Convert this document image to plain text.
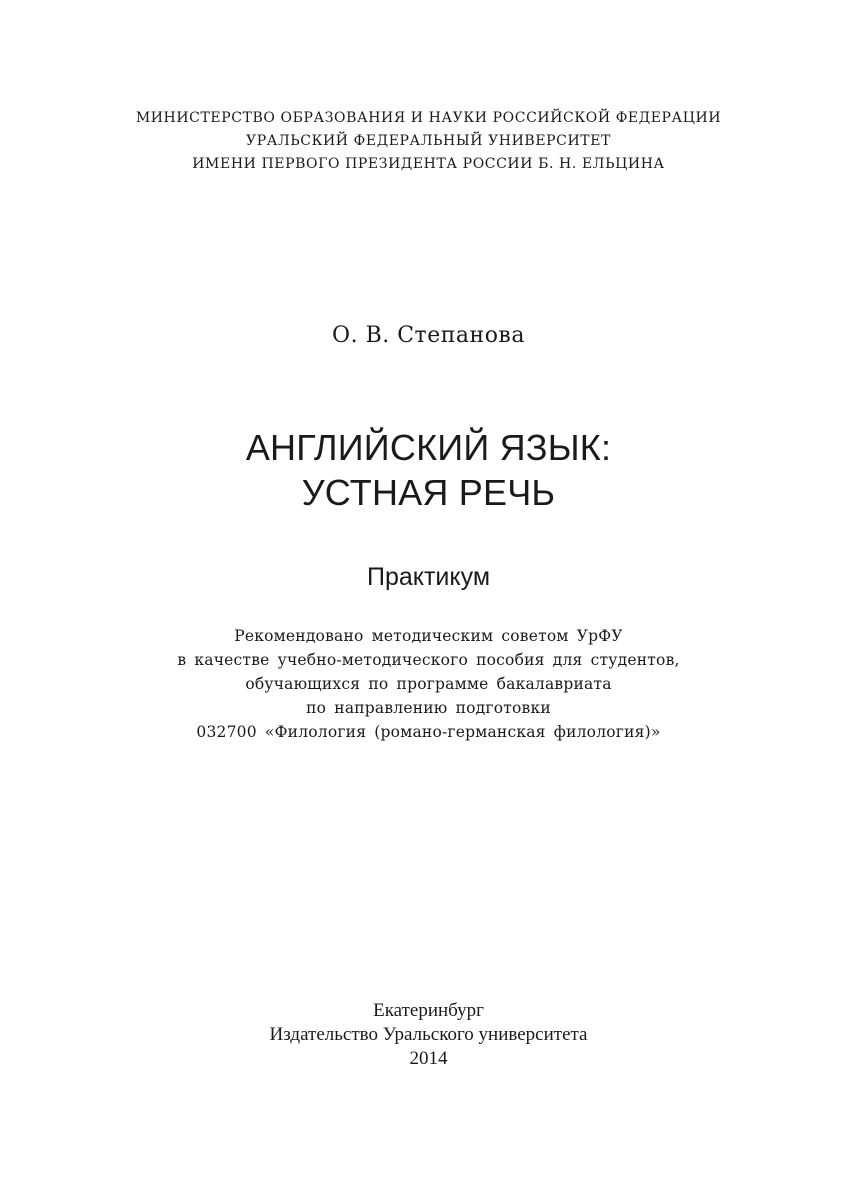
МИНИСТЕРСТВО ОБРАЗОВАНИЯ И НАУКИ РОССИЙСКОЙ ФЕДЕРАЦИИ
УРАЛЬСКИЙ ФЕДЕРАЛЬНЫЙ УНИВЕРСИТЕТ
ИМЕНИ ПЕРВОГО ПРЕЗИДЕНТА РОССИИ Б. Н. ЕЛЬЦИНА
О. В. Степанова
АНГЛИЙСКИЙ ЯЗЫК:
УСТНАЯ РЕЧЬ
Практикум
Рекомендовано методическим советом УрФУ
в качестве учебно-методического пособия для студентов,
обучающихся по программе бакалавриата
по направлению подготовки
032700 «Филология (романо-германская филология)»
Екатеринбург
Издательство Уральского университета
2014
